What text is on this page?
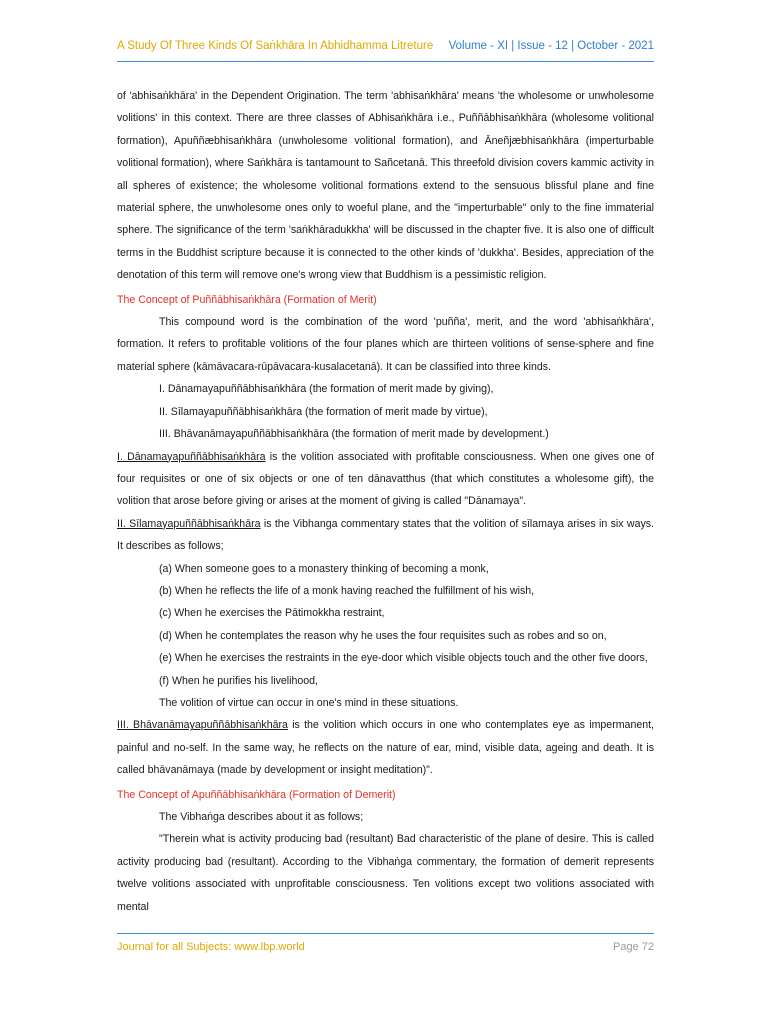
A Study Of Three Kinds Of Saṅkhāra In Abhidhamma Litreture Volume - XI | Issue - 12 | October - 2021

of 'abhisaṅkhāra' in the Dependent Origination. The term 'abhisaṅkhāra' means 'the wholesome or unwholesome volitions' in this context. There are three classes of Abhisaṅkhāra i.e., Puññābhisaṅkhāra (wholesome volitional formation), Apuññæbhisaṅkhāra (unwholesome volitional formation), and Āneñjæbhisaṅkhāra (imperturbable volitional formation), where Saṅkhāra is tantamount to Sañcetanā. This threefold division covers kammic activity in all spheres of existence; the wholesome volitional formations extend to the sensuous blissful plane and fine material sphere, the unwholesome ones only to woeful plane, and the "imperturbable" only to the fine immaterial sphere. The significance of the term 'saṅkhāradukkha' will be discussed in the chapter five. It is also one of difficult terms in the Buddhist scripture because it is connected to the other kinds of 'dukkha'. Besides, appreciation of the denotation of this term will remove one's wrong view that Buddhism is a pessimistic religion.

The Concept of Puññābhisaṅkhāra (Formation of Merit)

This compound word is the combination of the word 'puñña', merit, and the word 'abhisaṅkhāra', formation. It refers to profitable volitions of the four planes which are thirteen volitions of sense-sphere and fine material sphere (kāmāvacara-rūpāvacara-kusalacetanā). It can be classified into three kinds.

I. Dānamayapuññābhisaṅkhāra (the formation of merit made by giving),

II. Sīlamayapuññābhisaṅkhāra (the formation of merit made by virtue),

III. Bhāvanāmayapuññābhisaṅkhāra (the formation of merit made by development.)

I. Dānamayapuññābhisaṅkhāra is the volition associated with profitable consciousness. When one gives one of four requisites or one of six objects or one of ten dānavatthus (that which constitutes a wholesome gift), the volition that arose before giving or arises at the moment of giving is called "Dānamaya".

II. Sīlamayapuññābhisaṅkhāra is the Vibhanga commentary states that the volition of sīlamaya arises in six ways. It describes as follows;

(a) When someone goes to a monastery thinking of becoming a monk,

(b) When he reflects the life of a monk having reached the fulfillment of his wish,

(c) When he exercises the Pātimokkha restraint,

(d) When he contemplates the reason why he uses the four requisites such as robes and so on,

(e) When he exercises the restraints in the eye-door which visible objects touch and the other five doors,

(f) When he purifies his livelihood,

The volition of virtue can occur in one's mind in these situations.

III. Bhāvanāmayapuññābhisaṅkhāra is the volition which occurs in one who contemplates eye as impermanent, painful and no-self. In the same way, he reflects on the nature of ear, mind, visible data, ageing and death. It is called bhāvanāmaya (made by development or insight meditation)".

The Concept of Apuññābhisaṅkhāra (Formation of Demerit)

The Vibhaṅga describes about it as follows;

"Therein what is activity producing bad (resultant) Bad characteristic of the plane of desire. This is called activity producing bad (resultant). According to the Vibhaṅga commentary, the formation of demerit represents twelve volitions associated with unprofitable consciousness. Ten volitions except two volitions associated with mental

Journal for all Subjects: www.lbp.world	Page 72
